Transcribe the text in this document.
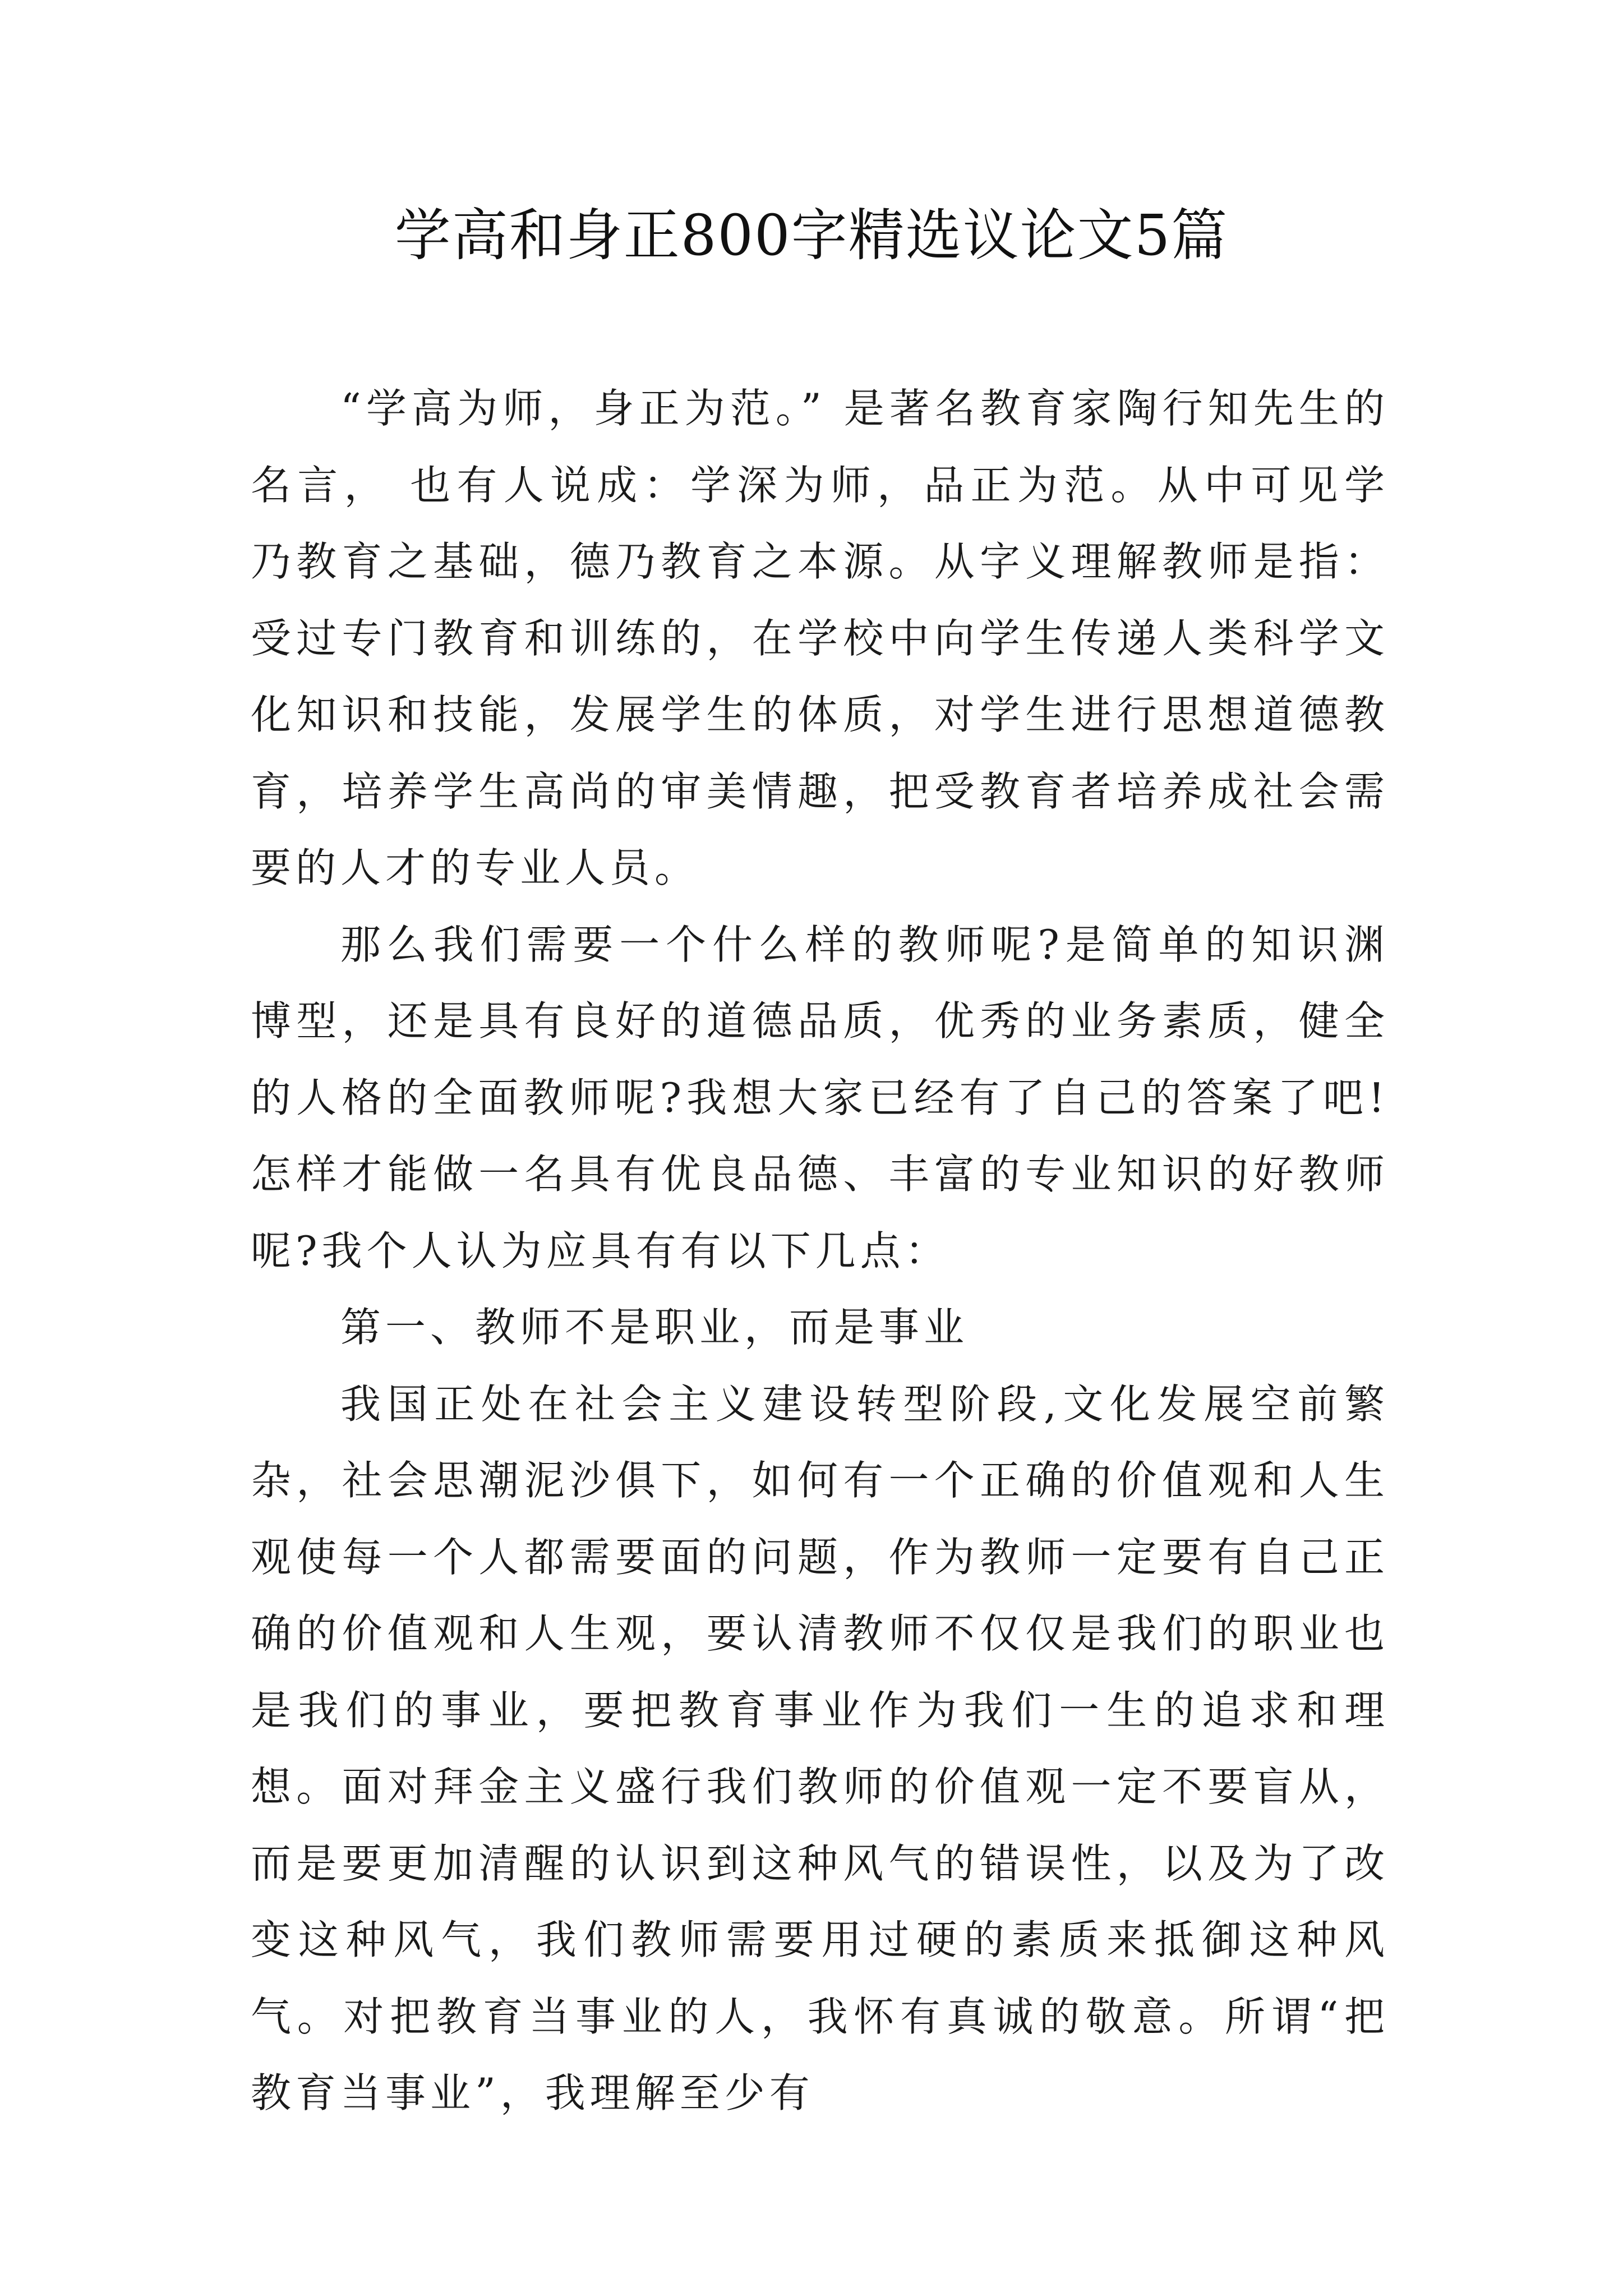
学高和身正800字精选议论文5篇

“学高为师，身正为范。” 是著名教育家陶行知先生的名言， 也有人说成：学深为师，品正为范。从中可见学乃教育之基础，德乃教育之本源。从字义理解教师是指：受过专门教育和训练的，在学校中向学生传递人类科学文化知识和技能，发展学生的体质，对学生进行思想道德教育，培养学生高尚的审美情趣，把受教育者培养成社会需要的人才的专业人员。

那么我们需要一个什么样的教师呢?是简单的知识渊博型，还是具有良好的道德品质，优秀的业务素质，健全的人格的全面教师呢?我想大家已经有了自己的答案了吧!怎样才能做一名具有优良品德、丰富的专业知识的好教师呢?我个人认为应具有有以下几点：

第一、教师不是职业，而是事业

我国正处在社会主义建设转型阶段,文化发展空前繁杂，社会思潮泥沙俱下，如何有一个正确的价值观和人生观使每一个人都需要面的问题，作为教师一定要有自己正确的价值观和人生观，要认清教师不仅仅是我们的职业也是我们的事业，要把教育事业作为我们一生的追求和理想。面对拜金主义盛行我们教师的价值观一定不要盲从，而是要更加清醒的认识到这种风气的错误性，以及为了改变这种风气，我们教师需要用过硬的素质来抵御这种风气。对把教育当事业的人，我怀有真诚的敬意。所谓“把教育当事业”，我理解至少有
